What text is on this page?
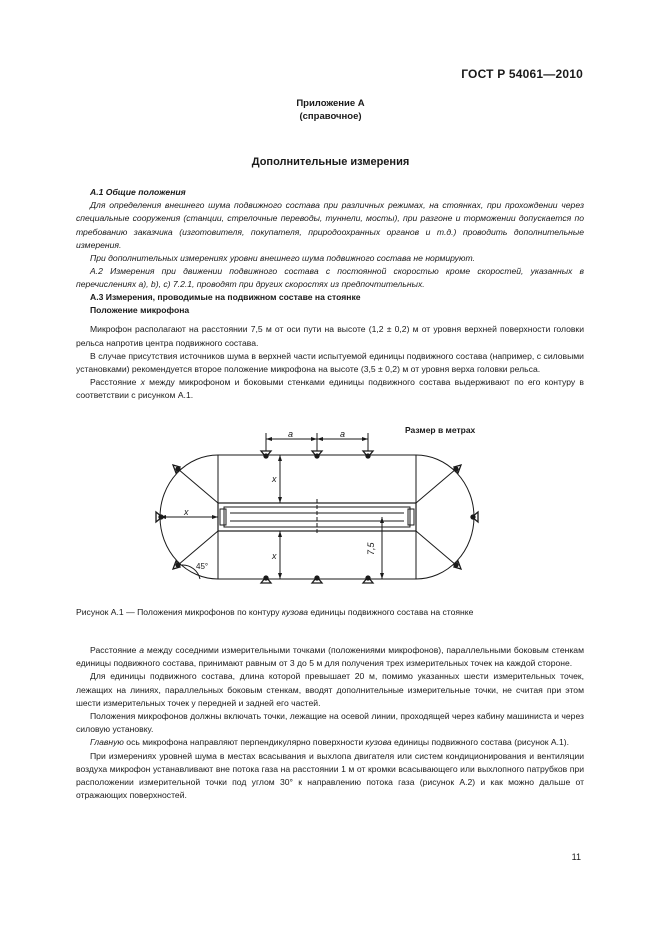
ГОСТ Р 54061—2010
Приложение А
(справочное)
Дополнительные измерения

А.1 Общие положения

Для определения внешнего шума подвижного состава при различных режимах, на стоянках, при прохождении через специальные сооружения (станции, стрелочные переводы, туннели, мосты), при разгоне и торможении допускается по требованию заказчика (изготовителя, покупателя, природоохранных органов и т.д.) проводить дополнительные измерения.

При дополнительных измерениях уровни внешнего шума подвижного состава не нормируют.

А.2 Измерения при движении подвижного состава с постоянной скоростью кроме скоростей, указанных в перечислениях а), b), с) 7.2.1, проводят при других скоростях из предпочтительных.

А.3 Измерения, проводимые на подвижном составе на стоянке

Положение микрофона

Микрофон располагают на расстоянии 7,5 м от оси пути на высоте (1,2 ± 0,2) м от уровня верхней поверхности головки рельса напротив центра подвижного состава.

В случае присутствия источников шума в верхней части испытуемой единицы подвижного состава (например, с силовыми установками) рекомендуется второе положение микрофона на высоте (3,5 ± 0,2) м от уровня верха головки рельса.

Расстояние x между микрофоном и боковыми стенками единицы подвижного состава выдерживают по его контуру в соответствии с рисунком А.1.

Размер в метрах
a	a
x
x
x
7,5
45°
Рисунок А.1 — Положения микрофонов по контуру кузова единицы подвижного состава на стоянке

Расстояние a между соседними измерительными точками (положениями микрофонов), параллельными боковым стенкам единицы подвижного состава, принимают равным от 3 до 5 м для получения трех измерительных точек на каждой стороне.

Для единицы подвижного состава, длина которой превышает 20 м, помимо указанных шести измерительных точек, лежащих на линиях, параллельных боковым стенкам, вводят дополнительные измерительные точки, не считая при этом шести измерительных точек у передней и задней его частей.

Положения микрофонов должны включать точки, лежащие на осевой линии, проходящей через кабину машиниста и через силовую установку.

Главную ось микрофона направляют перпендикулярно поверхности кузова единицы подвижного состава (рисунок А.1).

При измерениях уровней шума в местах всасывания и выхлопа двигателя или систем кондиционирования и вентиляции воздуха микрофон устанавливают вне потока газа на расстоянии 1 м от кромки всасывающего или выхлопного патрубков при расположении измерительной точки под углом 30° к направлению потока газа (рисунок А.2) и как можно дальше от отражающих поверхностей.

11
